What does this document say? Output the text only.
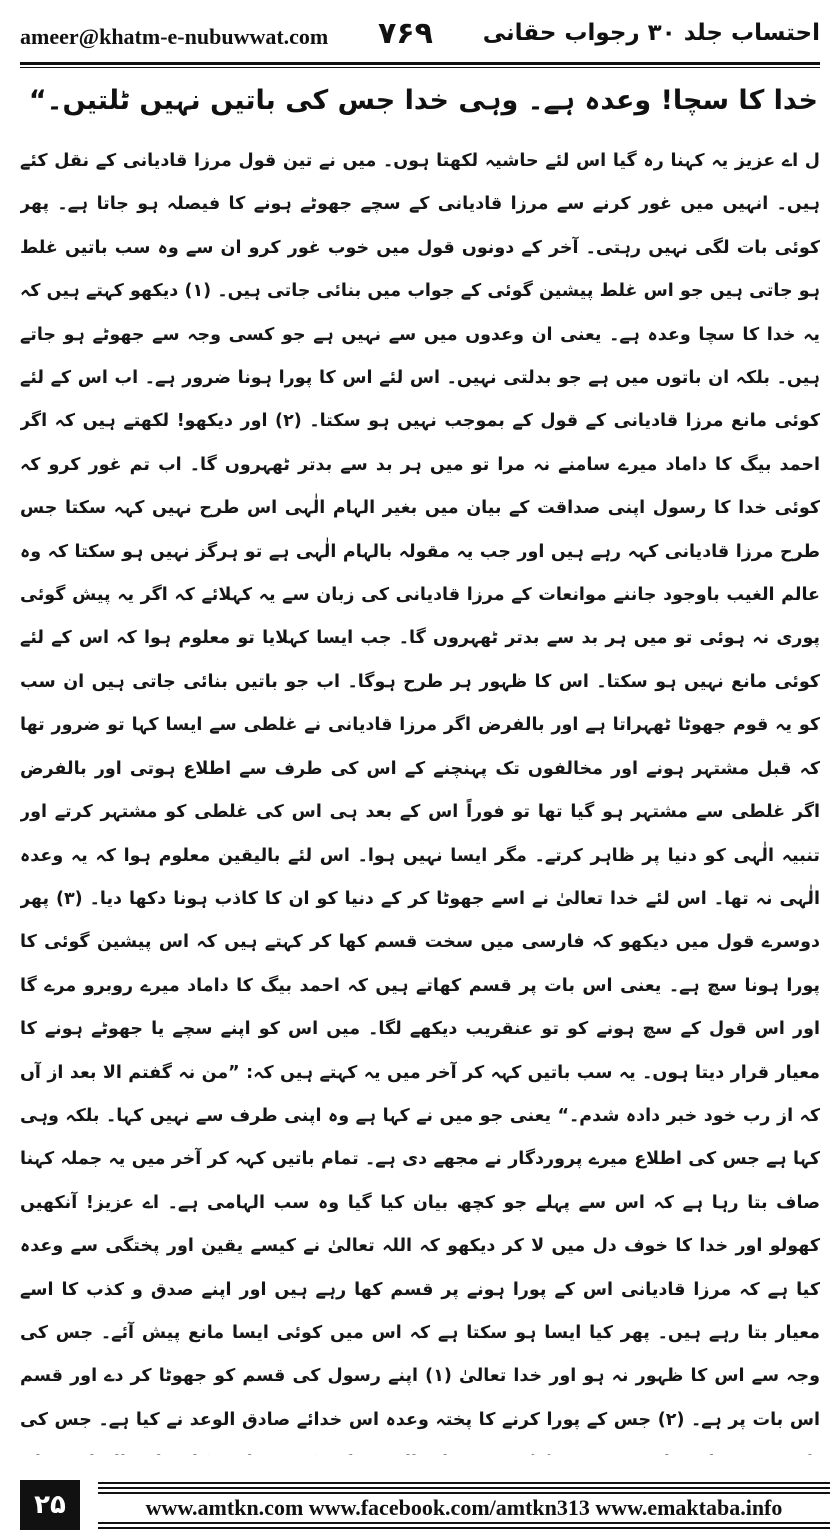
ameer@khatm-e-nubuwwat.com ۷۶۹ احتساب جلد ۳۰ رجواب حقانی
خدا کا سچا! وعدہ ہے۔ وہی خدا جس کی باتیں نہیں ٹلتیں۔“

ل اے عزیز یہ کہنا رہ گیا اس لئے حاشیہ لکھتا ہوں۔ میں نے تین قول مرزا قادیانی کے نقل کئے ہیں۔ انہیں میں غور کرنے سے مرزا قادیانی کے سچے جھوٹے ہونے کا فیصلہ ہو جاتا ہے۔ پھر کوئی بات لگی نہیں رہتی۔ آخر کے دونوں قول میں خوب غور کرو ان سے وہ سب باتیں غلط ہو جاتی ہیں جو اس غلط پیشین گوئی کے جواب میں بنائی جاتی ہیں۔ (۱) دیکھو کہتے ہیں کہ یہ خدا کا سچا وعدہ ہے۔ یعنی ان وعدوں میں سے نہیں ہے جو کسی وجہ سے جھوٹے ہو جاتے ہیں۔ بلکہ ان باتوں میں ہے جو بدلتی نہیں۔ اس لئے اس کا پورا ہونا ضرور ہے۔ اب اس کے لئے کوئی مانع مرزا قادیانی کے قول کے بموجب نہیں ہو سکتا۔ (۲) اور دیکھو! لکھتے ہیں کہ اگر احمد بیگ کا داماد میرے سامنے نہ مرا تو میں ہر بد سے بدتر ٹھہروں گا۔ اب تم غور کرو کہ کوئی خدا کا رسول اپنی صداقت کے بیان میں بغیر الہام الٰہی اس طرح نہیں کہہ سکتا جس طرح مرزا قادیانی کہہ رہے ہیں اور جب یہ مقولہ بالہام الٰہی ہے تو ہرگز نہیں ہو سکتا کہ وہ عالم الغیب باوجود جاننے موانعات کے مرزا قادیانی کی زبان سے یہ کہلائے کہ اگر یہ پیش گوئی پوری نہ ہوئی تو میں ہر بد سے بدتر ٹھہروں گا۔ جب ایسا کہلایا تو معلوم ہوا کہ اس کے لئے کوئی مانع نہیں ہو سکتا۔ اس کا ظہور ہر طرح ہوگا۔ اب جو باتیں بنائی جاتی ہیں ان سب کو یہ قوم جھوٹا ٹھہراتا ہے اور بالفرض اگر مرزا قادیانی نے غلطی سے ایسا کہا تو ضرور تھا کہ قبل مشتہر ہونے اور مخالفوں تک پہنچنے کے اس کی طرف سے اطلاع ہوتی اور بالفرض اگر غلطی سے مشتہر ہو گیا تھا تو فوراً اس کے بعد ہی اس کی غلطی کو مشتہر کرتے اور تنبیہ الٰہی کو دنیا پر ظاہر کرتے۔ مگر ایسا نہیں ہوا۔ اس لئے بالیقین معلوم ہوا کہ یہ وعدہ الٰہی نہ تھا۔ اس لئے خدا تعالیٰ نے اسے جھوٹا کر کے دنیا کو ان کا کاذب ہونا دکھا دیا۔ (۳) پھر دوسرے قول میں دیکھو کہ فارسی میں سخت قسم کھا کر کہتے ہیں کہ اس پیشین گوئی کا پورا ہونا سچ ہے۔ یعنی اس بات پر قسم کھاتے ہیں کہ احمد بیگ کا داماد میرے روبرو مرے گا اور اس قول کے سچ ہونے کو تو عنقریب دیکھے لگا۔ میں اس کو اپنے سچے یا جھوٹے ہونے کا معیار قرار دیتا ہوں۔ یہ سب باتیں کہہ کر آخر میں یہ کہتے ہیں کہ: ”من نہ گفتم الا بعد از آں کہ از رب خود خبر دادہ شدم۔“ یعنی جو میں نے کہا ہے وہ اپنی طرف سے نہیں کہا۔ بلکہ وہی کہا ہے جس کی اطلاع میرے پروردگار نے مجھے دی ہے۔ تمام باتیں کہہ کر آخر میں یہ جملہ کہنا صاف بتا رہا ہے کہ اس سے پہلے جو کچھ بیان کیا گیا وہ سب الہامی ہے۔ اے عزیز! آنکھیں کھولو اور خدا کا خوف دل میں لا کر دیکھو کہ اللہ تعالیٰ نے کیسے یقین اور پختگی سے وعدہ کیا ہے کہ مرزا قادیانی اس کے پورا ہونے پر قسم کھا رہے ہیں اور اپنے صدق و کذب کا اسے معیار بتا رہے ہیں۔ پھر کیا ایسا ہو سکتا ہے کہ اس میں کوئی ایسا مانع پیش آئے۔ جس کی وجہ سے اس کا ظہور نہ ہو اور خدا تعالیٰ (۱) اپنے رسول کی قسم کو جھوٹا کر دے اور قسم اس بات پر ہے۔ (۲) جس کے پورا کرنے کا پختہ وعدہ اس خدائے صادق الوعد نے کیا ہے۔ جس کی

۲۵	www.amtkn.com www.facebook.com/amtkn313 www.emaktaba.info
